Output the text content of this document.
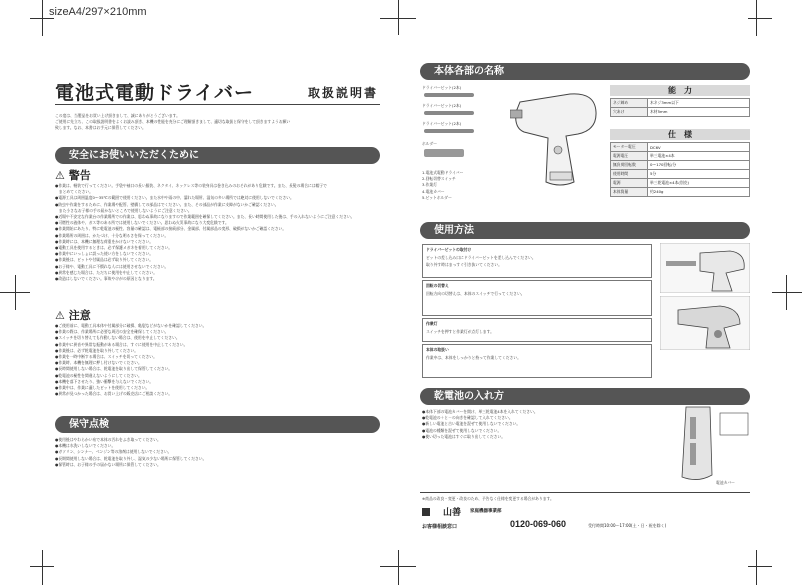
sizeA4/297×210mm
電池式電動ドライバー	取扱説明書
この度は、当製品をお買い上げ頂きまして、誠にありがとうございます。
ご使用に先立ち、この取扱説明書をよくお読み頂き、本機の性能を充分にご理解頂きまして、適切な取扱と保守をして頂きますようお願い
致します。なお、本書はお手元に保管してください。
安全にお使いいただくために
⚠ 警告
●作業は、軽装で行ってください。手袋や袖口の長い服装、ネクタイ、ネックレス等の装身具は巻き込みのおそれがあり危険です。また、長髪の場合には帽子で
　まとめてください。
●電源工具は周囲温度0～35℃の範囲で使用ください。また水中や雨の中、濡れた場所、湿気の多い場所では絶対に使用しないでください。
●防虫や作業をするために、作業場や配管、壁橋しての部品はでください。また、その部品が作業に支障がないかご確認ください。
　また小さなお子様の手の届かないところで使用しないようにご注意ください。
●近場や不安定な作業台の作業場所での作業は、思わぬ事故になりますので作業範囲を確保してください。また、長い時間使用した後は、手の入れないようにご注意ください。
●可燃性の液体や、ガス等のある所では使用しないでください。思わぬ火災事故になり大変危険です。
●作業開始にあたり、特に乾電池の極性、容量の確認は、電極部の接続部分、金属部、付属部品の変形、破損がないかご確認ください。
●作業場所の周囲は、かたづけ、十分な明るさを保ってください。
●作業時には、本機に無理な荷重をかけないでください。
●電動工具を使用するときは、必ず保護メガネを着用してください。
●作業中にいっしょに誤った使い方をしないでください。
●作業後は、ビットや付属品は必ず取り外してください。
●お子様や、電動工具に不慣れな人には使用させないでください。
●異常を感じた場合は、ただちに使用を中止してください。
●改造はしないでください。事故やけがの原因となります。
⚠ 注意
●ご使用前に、電動工具本体や付属部分に破損、亀裂などがないかを確認してください。
●作業の際は、作業場所に必要な周辺の安全を確保してください。
●スイッチを切り替えても作動しない場合は、使用を中止してください。
●作業中に異音や異常な振動がある場合は、すぐに使用を中止してください。
●作業後は、必ず乾電池を取り外してください。
●作業を一時中断する場合は、スイッチを切ってください。
●作業時、本機を無理に押し付けないでください。
●長時間使用しない場合は、乾電池を取り出して保管してください。
●乾電池の極性を間違えないようにしてください。
●本機を落下させたり、強い衝撃を与えないでください。
●作業中は、作業に適したビットを使用してください。
●異常が見つかった場合は、お買い上げの販売店にご相談ください。
保守点検
●使用後はやわらかい布で本体の汚れをふき取ってください。
●本機は水洗いしないでください。
●ガソリン、シンナー、ベンジン等の溶剤は使用しないでください。
●長期間使用しない場合は、乾電池を取り外し、湿気の少ない場所に保管してください。
●保管時は、お子様の手の届かない場所に保管してください。
本体各部の名称
ドライバービット(2本)
ドライバービット(2本)
ドライバービット(2本)
ホルダー
1.電池式電動ドライバー
2.回転切替スイッチ
3.作業灯
4.電池カバー
5.ビットホルダー
能　力
ネジ締め	木ネジ3mm以下
穴あけ	木材5mm
仕　様
モーター電圧	DC6V
電源電圧	単三電池×4本
無負荷回転数	0～170回転/分
使用時間	5分
電源	単三乾電池×4本(別売)
本体質量	約240g
使用方法
ドライバービットの取付け
ビットの差し込み口にドライバービットを差し込んでください。
取り外す時はまっすぐ引き抜いてください。
回転の切替え
回転方向の切替えは、本体のスイッチで行ってください。
作業灯
スイッチを押すと作業灯が点灯します。
本体の取扱い
作業中は、本体をしっかりと持って作業してください。
乾電池の入れ方
●本体下部の電池カバーを開け、単三乾電池4本を入れてください。
●乾電池の＋と－の向きを確認して入れてください。
●新しい電池と古い電池を混ぜて使用しないでください。
●電池の種類を混ぜて使用しないでください。
●使い切った電池はすぐに取り出してください。
電池カバー
※商品の改良・変更・改良のため、予告なく仕様を変更する場合があります。
山善 家庭機器事業部
お客様相談窓口	0120-069-060	受付時間10:00～17:00(土・日・祝を除く)
